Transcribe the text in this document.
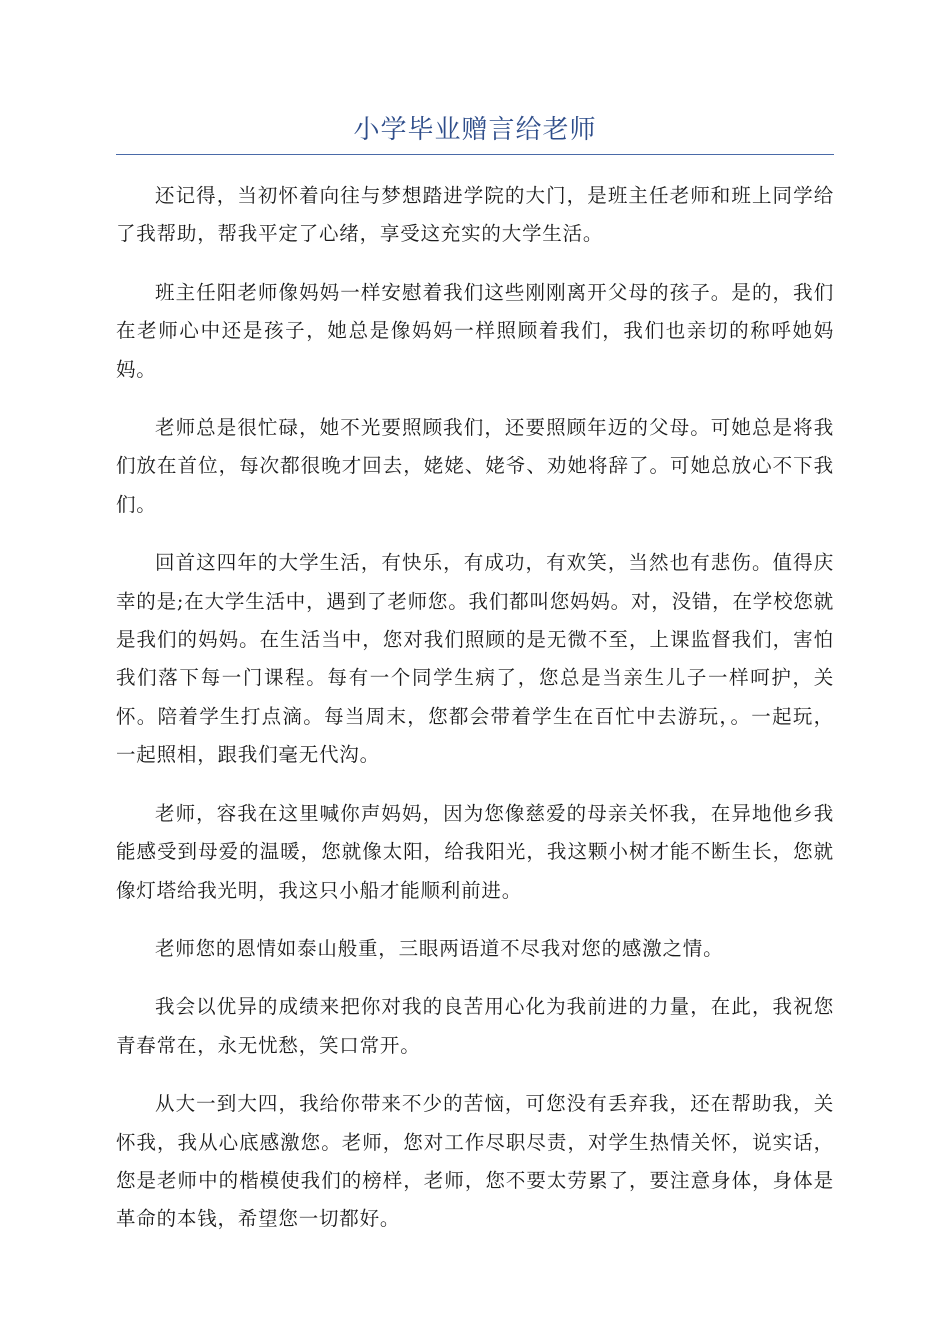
小学毕业赠言给老师

还记得，当初怀着向往与梦想踏进学院的大门，是班主任老师和班上同学给了我帮助，帮我平定了心绪，享受这充实的大学生活。

班主任阳老师像妈妈一样安慰着我们这些刚刚离开父母的孩子。是的，我们在老师心中还是孩子，她总是像妈妈一样照顾着我们，我们也亲切的称呼她妈妈。

老师总是很忙碌，她不光要照顾我们，还要照顾年迈的父母。可她总是将我们放在首位，每次都很晚才回去，姥姥、姥爷、劝她将辞了。可她总放心不下我们。

回首这四年的大学生活，有快乐，有成功，有欢笑，当然也有悲伤。值得庆幸的是;在大学生活中，遇到了老师您。我们都叫您妈妈。对，没错，在学校您就是我们的妈妈。在生活当中，您对我们照顾的是无微不至，上课监督我们，害怕我们落下每一门课程。每有一个同学生病了，您总是当亲生儿子一样呵护，关怀。陪着学生打点滴。每当周末，您都会带着学生在百忙中去游玩，。一起玩，一起照相，跟我们毫无代沟。

老师，容我在这里喊你声妈妈，因为您像慈爱的母亲关怀我，在异地他乡我能感受到母爱的温暖，您就像太阳，给我阳光，我这颗小树才能不断生长，您就像灯塔给我光明，我这只小船才能顺利前进。

老师您的恩情如泰山般重，三眼两语道不尽我对您的感激之情。

我会以优异的成绩来把你对我的良苦用心化为我前进的力量，在此，我祝您青春常在，永无忧愁，笑口常开。

从大一到大四，我给你带来不少的苦恼，可您没有丢弃我，还在帮助我，关怀我，我从心底感激您。老师，您对工作尽职尽责，对学生热情关怀，说实话，您是老师中的楷模使我们的榜样，老师，您不要太劳累了，要注意身体，身体是革命的本钱，希望您一切都好。
